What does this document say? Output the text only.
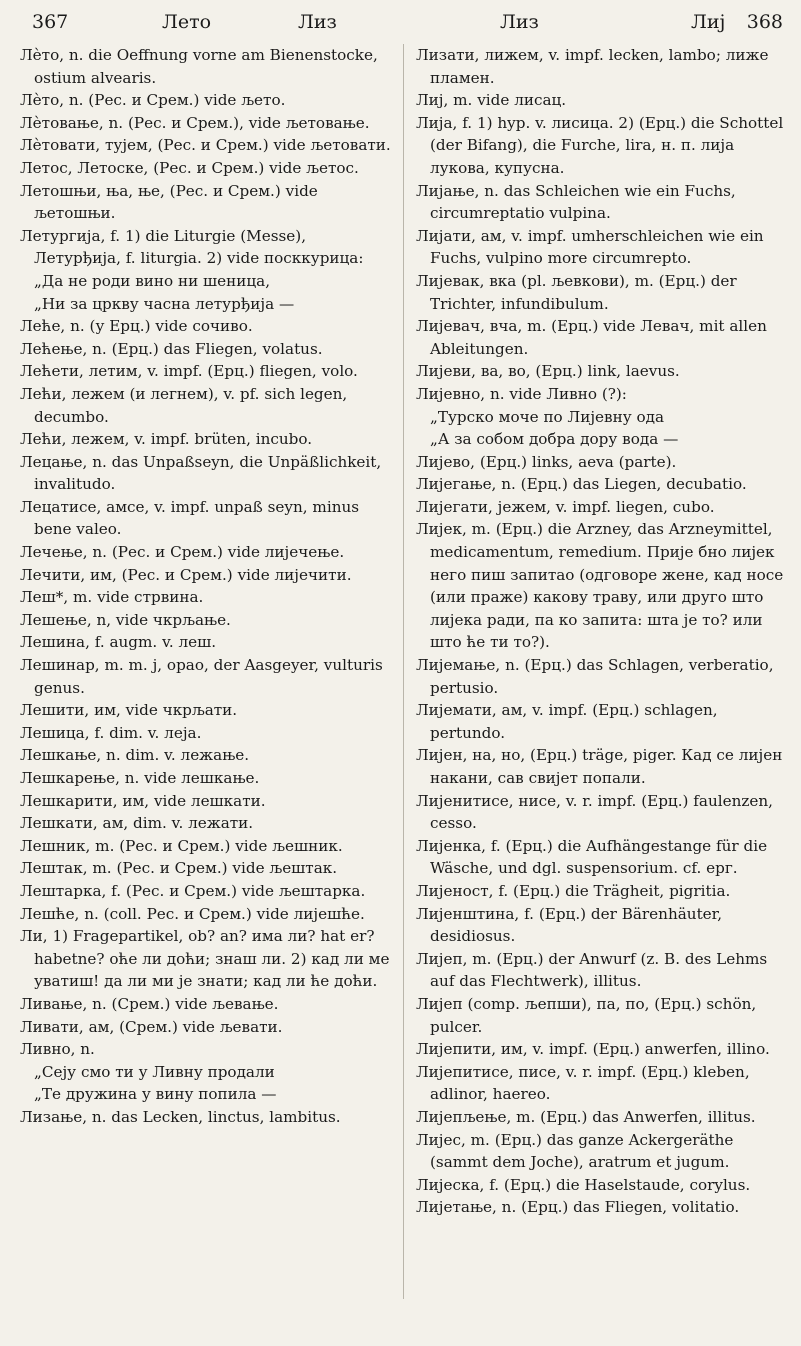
367	Лето	Лиз	Лиз	Лиј 368

Лѐто, n. die Oeffnung vorne am Bienenstocke, ostium alvearis.

Лѐто, n. (Рес. и Срем.) vide љето.

Лѐтовање, n. (Рес. и Срем.), vide љетовање.

Лѐтовати, тујем, (Рес. и Срем.) vide љетовати.

Летос, Летоске, (Рес. и Срем.) vide љетос.

Летошњи, ња, ње, (Рес. и Срем.) vide љетошњи.

Летургија, f. 1) die Liturgie (Messe), Летурђија, f. liturgia. 2) vide посккурица:

„Да не роди вино ни шеница,

„Ни за цркву часна летурђија —

Леће, n. (у Ерц.) vide сочиво.

Лећење, n. (Ерц.) das Fliegen, volatus.

Лећети, летим, v. impf. (Ерц.) fliegen, volo.

Лећи, лежем (и легнем), v. pf. sich legen, decumbo.

Лећи, лежем, v. impf. brüten, incubo.

Лецање, n. das Unpaßseyn, die Unpäßlichkeit, invalitudo.

Лецатисе, амсе, v. impf. unpaß seyn, minus bene valeo.

Лечење, n. (Рес. и Срем.) vide лијечење.

Лечити, им, (Рес. и Срем.) vide лијечити.

Леш*, m. vide стрвина.

Лешење, n, vide чкрљање.

Лешина, f. augm. v. леш.

Лешинар, m. m. j, орао, der Aasgeyer, vulturis genus.

Лешити, им, vide чкрљати.

Лешица, f. dim. v. леја.

Лешкање, n. dim. v. лежање.

Лешкарење, n. vide лешкање.

Лешкарити, им, vide лешкати.

Лешкати, ам, dim. v. лежати.

Лешник, m. (Рес. и Срем.) vide љешник.

Лештак, m. (Рес. и Срем.) vide љештак.

Лештарка, f. (Рес. и Срем.) vide љештарка.

Лешће, n. (coll. Рес. и Срем.) vide лијешће.

Ли, 1) Fragepartikel, ob? an? има ли? hat er? habetne? оће ли доћи; знаш ли. 2) кад ли ме уватиш! да ли ми је знати; кад ли ће доћи.

Ливање, n. (Срем.) vide љевање.

Ливати, ам, (Срем.) vide љевати.

Ливно, n.

„Сеју смо ти у Ливну продали

„Те дружина у вину попила —

Лизање, n. das Lecken, linctus, lambitus.

Лизати, лижем, v. impf. lecken, lambo; лиже пламен.

Лиј, m. vide лисац.

Лија, f. 1) hyp. v. лисица. 2) (Ерц.) die Schottel (der Bifang), die Furche, lira, н. п. лија лукова, купусна.

Лијање, n. das Schleichen wie ein Fuchs, circumreptatio vulpina.

Лијати, ам, v. impf. umherschleichen wie ein Fuchs, vulpino more circumrepto.

Лијевак, вка (pl. љевкови), m. (Ерц.) der Trichter, infundibulum.

Лијевач, вча, m. (Ерц.) vide Левач, mit allen Ableitungen.

Лијеви, ва, во, (Ерц.) link, laevus.

Лијевно, n. vide Ливно (?):

„Турско моче по Лијевну ода

„А за собом добра дору вода —

Лијево, (Ерц.) links, aeva (parte).

Лијегање, n. (Ерц.) das Liegen, decubatio.

Лијегати, јежем, v. impf. liegen, cubo.

Лијек, m. (Ерц.) die Arzney, das Arzneymittel, medicamentum, remedium. Прије бно лијек него пиш запитао (одговоре жене, кад носе (или прaже) какову траву, или друго што лијека ради, па ко запита: шта је то? или што ће ти то?).

Лијемање, n. (Ерц.) das Schlagen, verberatio, pertusio.

Лијемати, ам, v. impf. (Ерц.) schlagen, pertundo.

Лијен, на, но, (Ерц.) träge, piger. Кад се лијен накани, сав свијет попали.

Лијенитисе, нисе, v. r. impf. (Ерц.) faulenzen, cesso.

Лијенка, f. (Ерц.) die Aufhängestange für die Wäsche, und dgl. suspensorium. cf. ерг.

Лијеност, f. (Ерц.) die Trägheit, pigritia.

Лијенштина, f. (Ерц.) der Bärenhäuter, desidiosus.

Лијеп, m. (Ерц.) der Anwurf (z. B. des Lehms auf das Flechtwerk), illitus.

Лијеп (comp. љепши), па, по, (Ерц.) schön, pulcer.

Лијепити, им, v. impf. (Ерц.) anwerfen, illino.

Лијепитисе, писе, v. r. impf. (Ерц.) kleben, adlinor, haereo.

Лијепљење, m. (Ерц.) das Anwerfen, illitus.

Лијес, m. (Ерц.) das ganze Ackergeräthe (sammt dem Joche), aratrum et jugum.

Лијеска, f. (Ерц.) die Haselstaude, corylus.

Лијетање, n. (Ерц.) das Fliegen, volitatio.
